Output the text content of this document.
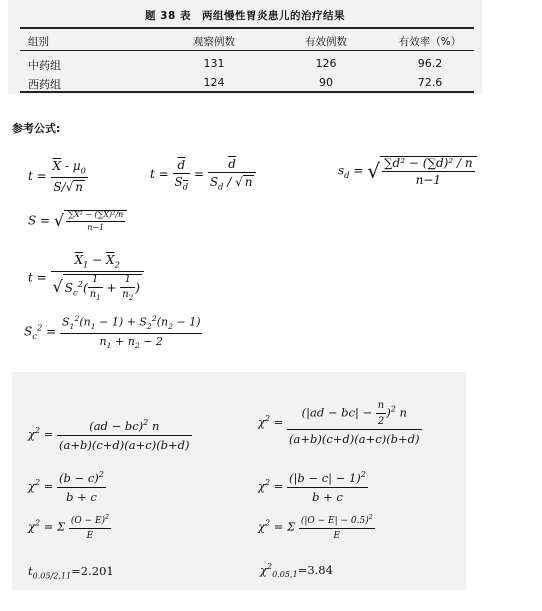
题 38 表　两组慢性胃炎患儿的治疗结果
组别	观察例数	有效例数	有效率（%）
中药组	131	126	96.2
西药组	124	90	72.6
参考公式:
$t = \frac{\overline{X} - \mu_0}{S/√ n}$	$t = \frac{\overline{d}}{S_{\overline{d}}} = \frac{\overline{d}}{S_d / √ n}$	$s_d$ = √ $\frac{\text{∑d² − (∑d)² / n}}{n-1}$
S = √ $\frac{\text{∑X² − (∑X)²/n}}{n-1}$
$t = \frac{\overline{X}_1 - \overline{X}_2}{√ S_c^2( \frac{1}{n_1} + \frac{1}{n_2} )}$
$S_c^2 = \frac{S_1^2(n_1 - 1) + S_2^2(n_2 - 1)}{n_1 + n_2 - 2}$
$\chi^2 = \frac{(ad - bc)^2 n}{(a+b)(c+d)(a+c)(b+d)}$	$\chi^2 = \frac{(|ad - bc| - \frac{n}{2} )^2 n}{(a+b)(c+d)(a+c)(b+d)}$
$\chi^2 = \frac{(b - c)^2}{b + c}$	$\chi^2 = \frac{(|b - c| - 1)^2}{b + c}$
$\chi^2 = \Sigma \frac{(O - E)^2}{E}$	$\chi^2 = \Sigma \frac{(|O - E| - 0.5)^2}{E}$
$t_{0.05/2,11}=2.201$	$\chi^2_{0.05,1}=3.84$
